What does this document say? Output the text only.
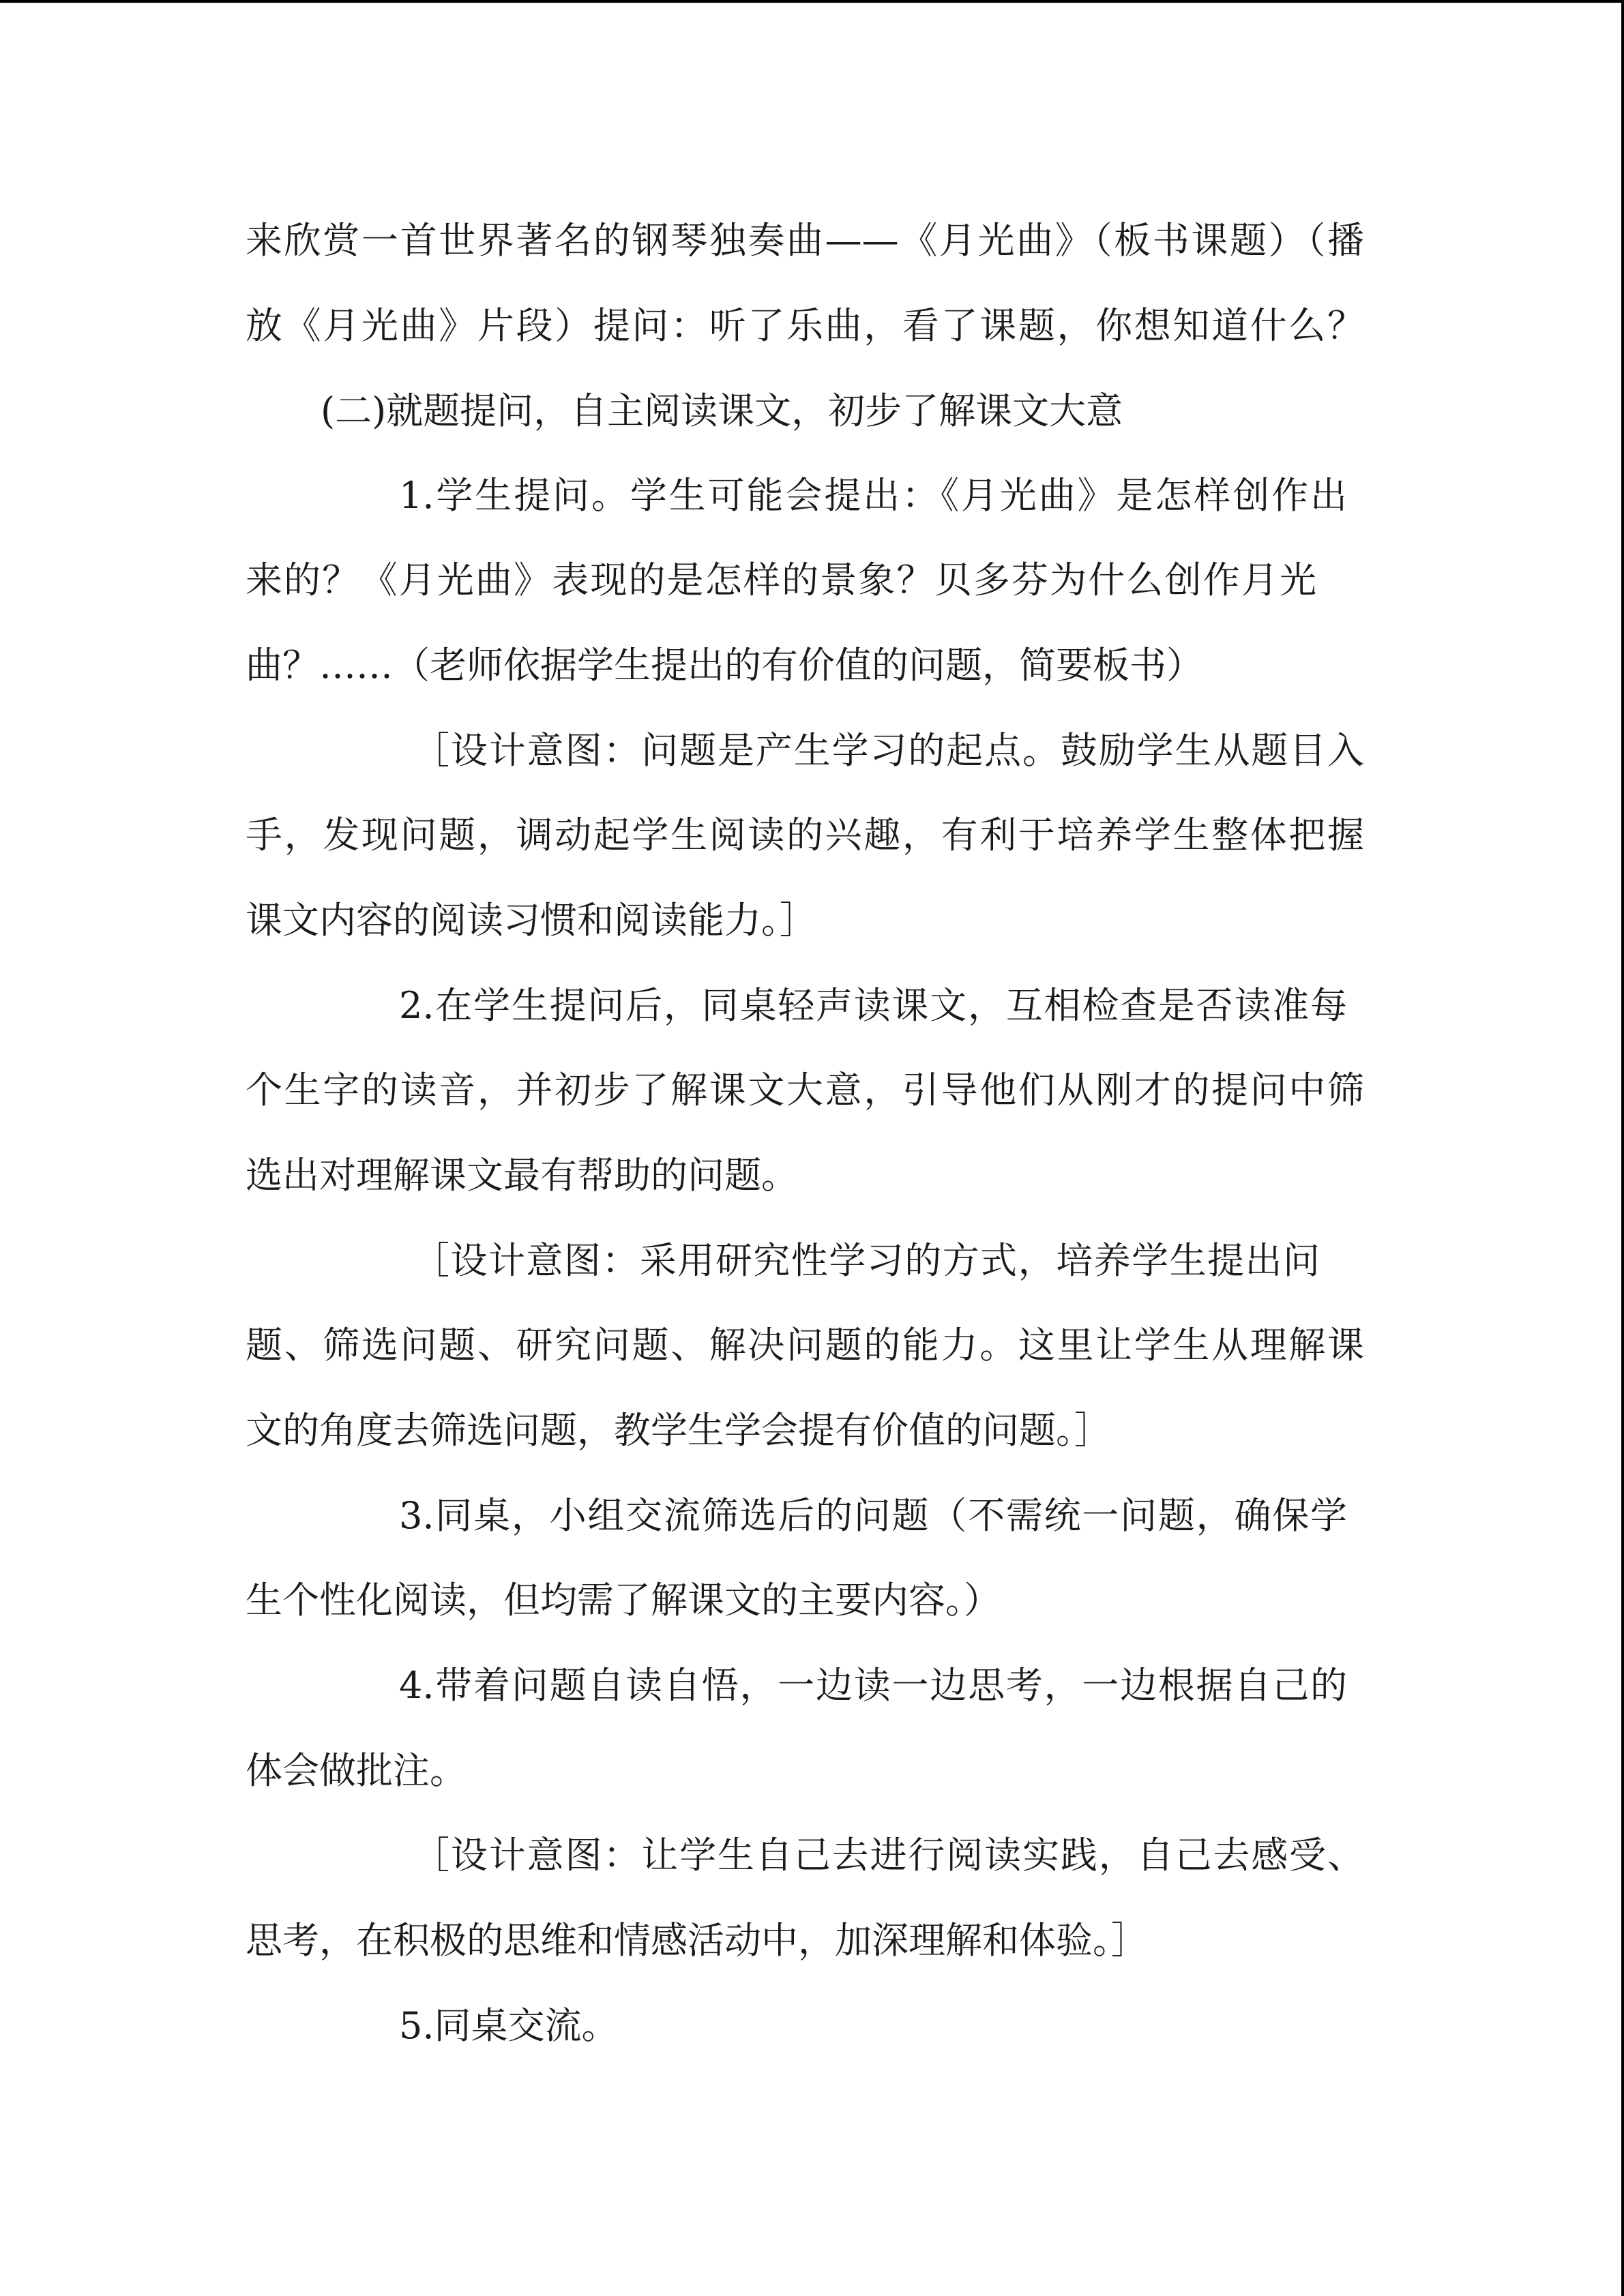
来欣赏一首世界著名的钢琴独奏曲——《月光曲》（板书课题）（播
放《月光曲》片段）提问：听了乐曲，看了课题，你想知道什么？
(二)就题提问，自主阅读课文，初步了解课文大意
1.学生提问。学生可能会提出：《月光曲》是怎样创作出
来的？《月光曲》表现的是怎样的景象？贝多芬为什么创作月光
曲？……（老师依据学生提出的有价值的问题，简要板书）
［设计意图：问题是产生学习的起点。鼓励学生从题目入
手，发现问题，调动起学生阅读的兴趣，有利于培养学生整体把握
课文内容的阅读习惯和阅读能力。］
2.在学生提问后，同桌轻声读课文，互相检查是否读准每
个生字的读音，并初步了解课文大意，引导他们从刚才的提问中筛
选出对理解课文最有帮助的问题。
［设计意图：采用研究性学习的方式，培养学生提出问
题、筛选问题、研究问题、解决问题的能力。这里让学生从理解课
文的角度去筛选问题，教学生学会提有价值的问题。］
3.同桌，小组交流筛选后的问题（不需统一问题，确保学
生个性化阅读，但均需了解课文的主要内容。）
4.带着问题自读自悟，一边读一边思考，一边根据自己的
体会做批注。
［设计意图：让学生自己去进行阅读实践，自己去感受、
思考，在积极的思维和情感活动中，加深理解和体验。］
5.同桌交流。
